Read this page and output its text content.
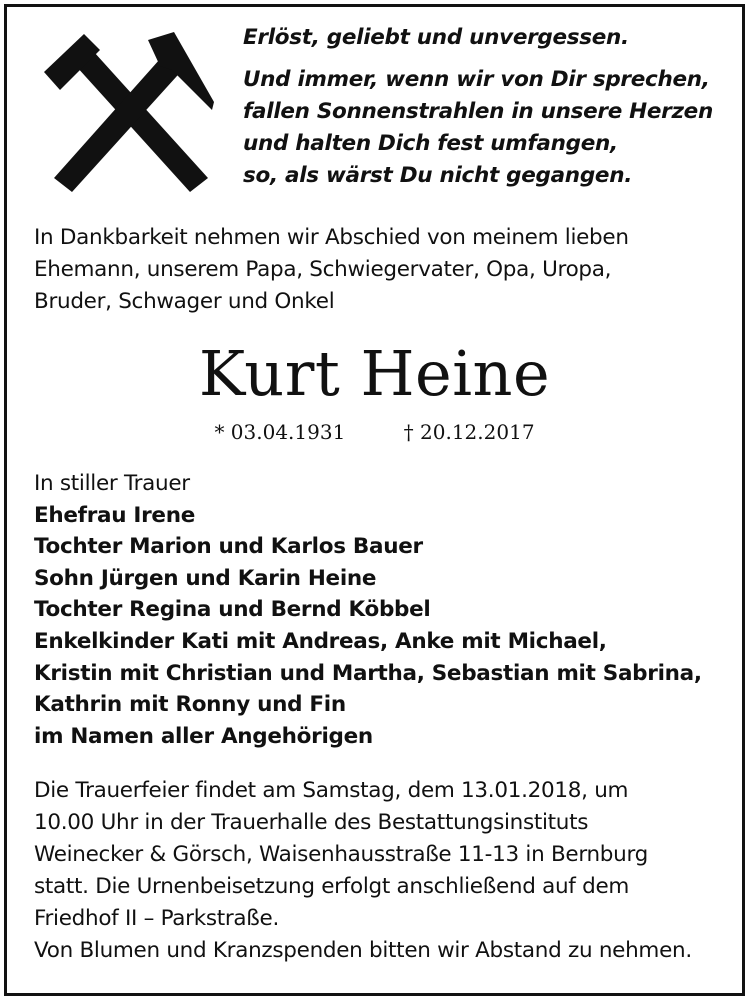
Erlöst, geliebt und unvergessen.
Und immer, wenn wir von Dir sprechen,
fallen Sonnenstrahlen in unsere Herzen
und halten Dich fest umfangen,
so, als wärst Du nicht gegangen.
In Dankbarkeit nehmen wir Abschied von meinem lieben
Ehemann, unserem Papa, Schwiegervater, Opa, Uropa,
Bruder, Schwager und Onkel
Kurt Heine
* 03.04.1931	† 20.12.2017
In stiller Trauer
Ehefrau Irene
Tochter Marion und Karlos Bauer
Sohn Jürgen und Karin Heine
Tochter Regina und Bernd Köbbel
Enkelkinder Kati mit Andreas, Anke mit Michael,
Kristin mit Christian und Martha, Sebastian mit Sabrina,
Kathrin mit Ronny und Fin
im Namen aller Angehörigen
Die Trauerfeier findet am Samstag, dem 13.01.2018, um
10.00 Uhr in der Trauerhalle des Bestattungsinstituts
Weinecker & Görsch, Waisenhausstraße 11-13 in Bernburg
statt. Die Urnenbeisetzung erfolgt anschließend auf dem
Friedhof II – Parkstraße.
Von Blumen und Kranzspenden bitten wir Abstand zu nehmen.
